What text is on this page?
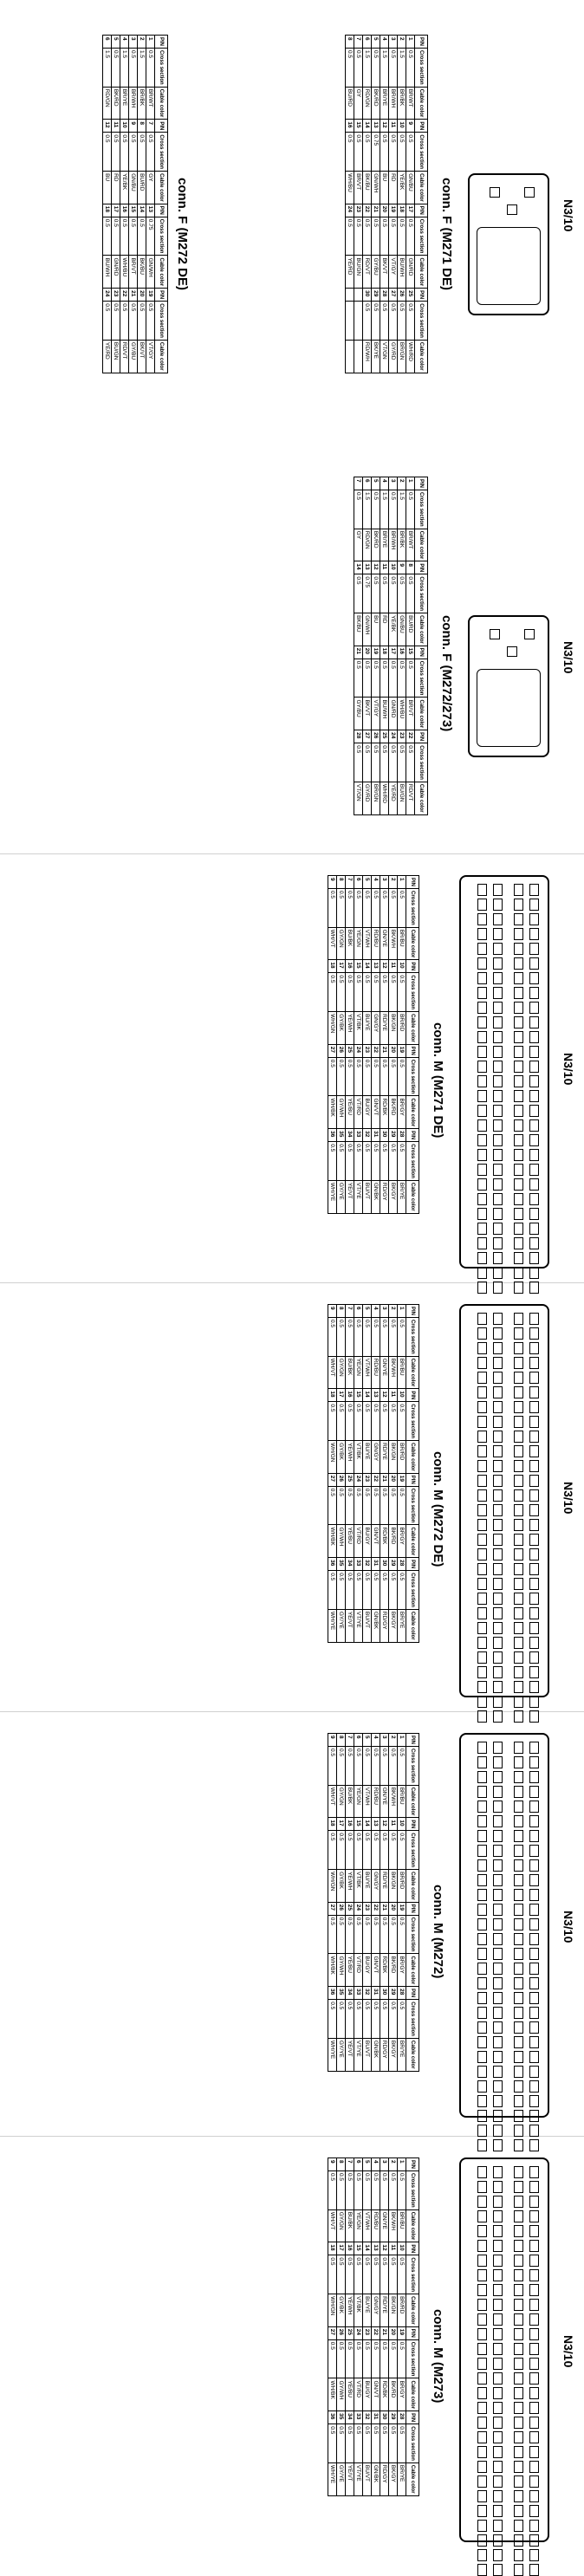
N3/10
conn. F (M271 DE)
PIN	Cross section	Cable color	PIN	Cross section	Cable color	PIN	Cross section	Cable color	PIN	Cross section	Cable color
1	0.5	BR/WT	9	0.5	GN/BU	17	0.5	GN/RD	25	0.5	WH/RD
2	1.5	BR/BK	10	0.5	YE/BK	18	0.5	BU/WH	26	0.5	BR/GN
3	0.5	BR/WH	11	0.5	RD	19	0.5	VT/GY	27	0.5	GY/RD
4	1.5	BR/YE	12	0.5	BU	20	0.5	BK/VT	28	0.5	VT/GN
5	0.5	BK/RD	13	0.75	GN/WH	21	0.5	GY/BU	29	0.5	BK/YE
6	1.5	RD/GN	14	0.5	BK/BU	22	0.5	RD/VT	30	0.5	RD/WH
7	0.5	GY	15	0.5	BR/VT	23	0.5	BU/GN			
8	0.5	BU/RD	16	0.5	WH/BU	24	0.5	YE/RD			
conn. F (M272 DE)
PIN	Cross section	Cable color	PIN	Cross section	Cable color	PIN	Cross section	Cable color	PIN	Cross section	Cable color
1	0.5	BR/WT	7	0.5	GY	13	0.75	GN/WH	19	0.5	VT/GY
2	1.5	BR/BK	8	0.5	BU/RD	14	0.5	BK/BU	20	0.5	BK/VT
3	0.5	BR/WH	9	0.5	GN/BU	15	0.5	BR/VT	21	0.5	GY/BU
4	1.5	BR/YE	10	0.5	YE/BK	16	0.5	WH/BU	22	0.5	RD/VT
5	0.5	BK/RD	11	0.5	RD	17	0.5	GN/RD	23	0.5	BU/GN
6	1.5	RD/GN	12	0.5	BU	18	0.5	BU/WH	24	0.5	YE/RD
N3/10
conn. F (M272/273)
PIN	Cross section	Cable color	PIN	Cross section	Cable color	PIN	Cross section	Cable color	PIN	Cross section	Cable color
1	0.5	BR/WT	8	0.5	BU/RD	15	0.5	BR/VT	22	0.5	RD/VT
2	1.5	BR/BK	9	0.5	GN/BU	16	0.5	WH/BU	23	0.5	BU/GN
3	0.5	BR/WH	10	0.5	YE/BK	17	0.5	GN/RD	24	0.5	YE/RD
4	1.5	BR/YE	11	0.5	RD	18	0.5	BU/WH	25	0.5	WH/RD
5	0.5	BK/RD	12	0.5	BU	19	0.5	VT/GY	26	0.5	BR/GN
6	1.5	RD/GN	13	0.75	GN/WH	20	0.5	BK/VT	27	0.5	GY/RD
7	0.5	GY	14	0.5	BK/BU	21	0.5	GY/BU	28	0.5	VT/GN
N3/10
conn. M (M271 DE)
PIN	Cross section	Cable color	PIN	Cross section	Cable color	PIN	Cross section	Cable color	PIN	Cross section	Cable color
1	0.5	BR/BU	10	0.5	BR/RD	19	0.5	BR/GY	28	0.5	BR/YE
2	0.5	BK/WH	11	0.5	BK/GN	20	0.5	BK/RD	29	0.5	BK/GY
3	0.5	GN/YE	12	0.5	RD/YE	21	0.5	RD/BK	30	0.5	RD/GY
4	0.5	RD/BU	13	0.5	GN/GY	22	0.5	GN/VT	31	0.5	GN/BK
5	0.5	VT/WH	14	0.5	BU/YE	23	0.5	BU/GY	32	0.5	BU/VT
6	0.5	YE/GN	15	0.5	VT/BK	24	0.5	VT/RD	33	0.5	VT/YE
7	0.5	BU/BK	16	0.5	YE/WH	25	0.5	YE/BU	34	0.5	YE/VT
8	0.5	GY/GN	17	0.5	GY/BK	26	0.5	GY/WH	35	0.5	GY/YE
9	0.5	WH/VT	18	0.5	WH/GN	27	0.5	WH/BK	36	0.5	WH/YE
N3/10
conn. M (M272 DE)
PIN	Cross section	Cable color	PIN	Cross section	Cable color	PIN	Cross section	Cable color	PIN	Cross section	Cable color
1	0.5	BR/BU	10	0.5	BR/RD	19	0.5	BR/GY	28	0.5	BR/YE
2	0.5	BK/WH	11	0.5	BK/GN	20	0.5	BK/RD	29	0.5	BK/GY
3	0.5	GN/YE	12	0.5	RD/YE	21	0.5	RD/BK	30	0.5	RD/GY
4	0.5	RD/BU	13	0.5	GN/GY	22	0.5	GN/VT	31	0.5	GN/BK
5	0.5	VT/WH	14	0.5	BU/YE	23	0.5	BU/GY	32	0.5	BU/VT
6	0.5	YE/GN	15	0.5	VT/BK	24	0.5	VT/RD	33	0.5	VT/YE
7	0.5	BU/BK	16	0.5	YE/WH	25	0.5	YE/BU	34	0.5	YE/VT
8	0.5	GY/GN	17	0.5	GY/BK	26	0.5	GY/WH	35	0.5	GY/YE
9	0.5	WH/VT	18	0.5	WH/GN	27	0.5	WH/BK	36	0.5	WH/YE
N3/10
conn. M (M272)
PIN	Cross section	Cable color	PIN	Cross section	Cable color	PIN	Cross section	Cable color	PIN	Cross section	Cable color
1	0.5	BR/BU	10	0.5	BR/RD	19	0.5	BR/GY	28	0.5	BR/YE
2	0.5	BK/WH	11	0.5	BK/GN	20	0.5	BK/RD	29	0.5	BK/GY
3	0.5	GN/YE	12	0.5	RD/YE	21	0.5	RD/BK	30	0.5	RD/GY
4	0.5	RD/BU	13	0.5	GN/GY	22	0.5	GN/VT	31	0.5	GN/BK
5	0.5	VT/WH	14	0.5	BU/YE	23	0.5	BU/GY	32	0.5	BU/VT
6	0.5	YE/GN	15	0.5	VT/BK	24	0.5	VT/RD	33	0.5	VT/YE
7	0.5	BU/BK	16	0.5	YE/WH	25	0.5	YE/BU	34	0.5	YE/VT
8	0.5	GY/GN	17	0.5	GY/BK	26	0.5	GY/WH	35	0.5	GY/YE
9	0.5	WH/VT	18	0.5	WH/GN	27	0.5	WH/BK	36	0.5	WH/YE
N3/10
conn. M (M273)
PIN	Cross section	Cable color	PIN	Cross section	Cable color	PIN	Cross section	Cable color	PIN	Cross section	Cable color
1	0.5	BR/BU	10	0.5	BR/RD	19	0.5	BR/GY	28	0.5	BR/YE
2	0.5	BK/WH	11	0.5	BK/GN	20	0.5	BK/RD	29	0.5	BK/GY
3	0.5	GN/YE	12	0.5	RD/YE	21	0.5	RD/BK	30	0.5	RD/GY
4	0.5	RD/BU	13	0.5	GN/GY	22	0.5	GN/VT	31	0.5	GN/BK
5	0.5	VT/WH	14	0.5	BU/YE	23	0.5	BU/GY	32	0.5	BU/VT
6	0.5	YE/GN	15	0.5	VT/BK	24	0.5	VT/RD	33	0.5	VT/YE
7	0.5	BU/BK	16	0.5	YE/WH	25	0.5	YE/BU	34	0.5	YE/VT
8	0.5	GY/GN	17	0.5	GY/BK	26	0.5	GY/WH	35	0.5	GY/YE
9	0.5	WH/VT	18	0.5	WH/GN	27	0.5	WH/BK	36	0.5	WH/YE
